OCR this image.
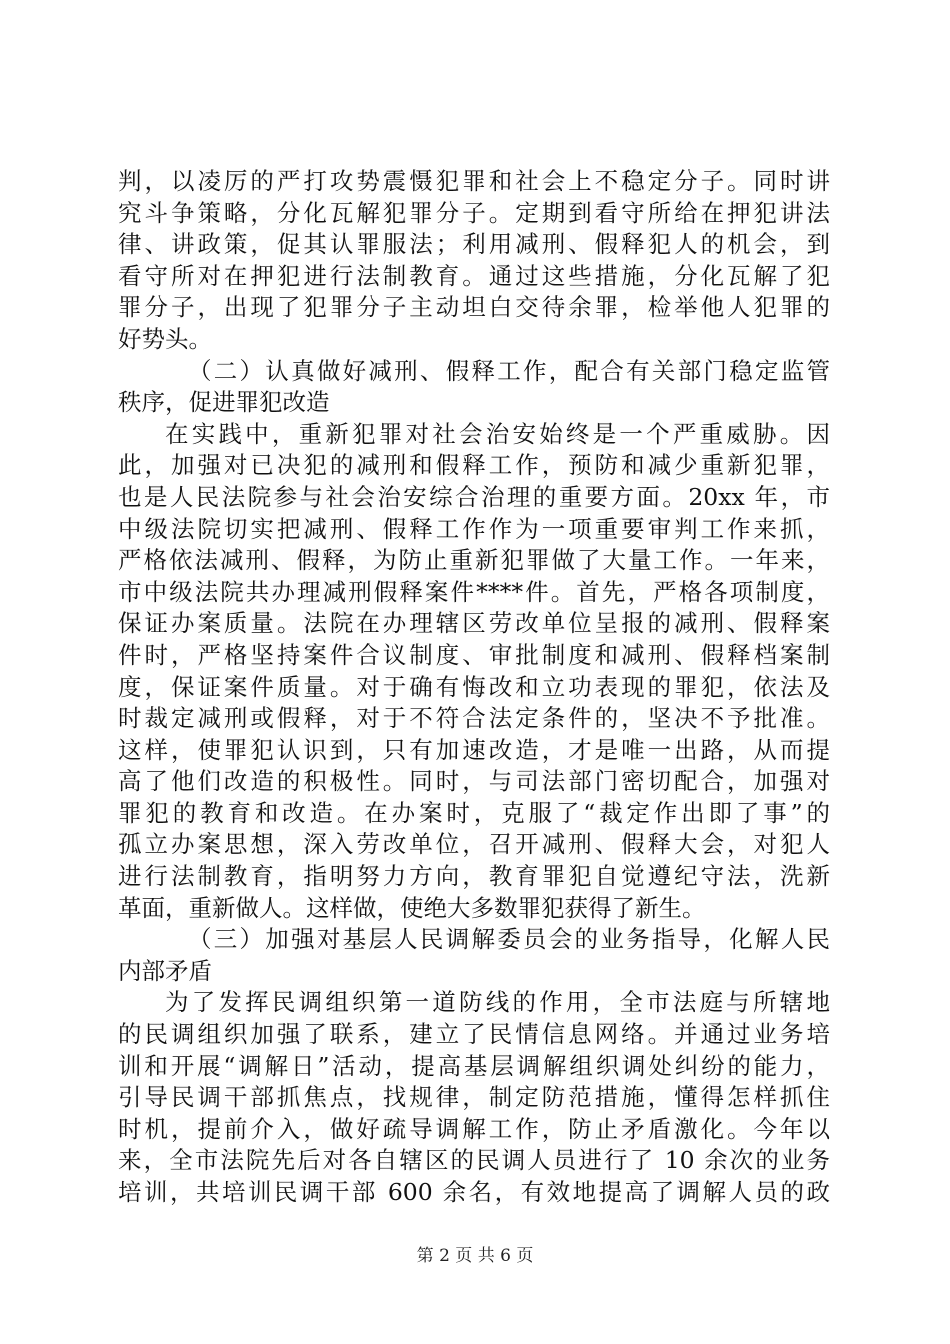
判，以凌厉的严打攻势震慑犯罪和社会上不稳定分子。同时讲
究斗争策略，分化瓦解犯罪分子。定期到看守所给在押犯讲法
律、讲政策，促其认罪服法；利用减刑、假释犯人的机会，到
看守所对在押犯进行法制教育。通过这些措施，分化瓦解了犯
罪分子，出现了犯罪分子主动坦白交待余罪，检举他人犯罪的
好势头。
（二）认真做好减刑、假释工作，配合有关部门稳定监管
秩序，促进罪犯改造
在实践中，重新犯罪对社会治安始终是一个严重威胁。因
此，加强对已决犯的减刑和假释工作，预防和减少重新犯罪，
也是人民法院参与社会治安综合治理的重要方面。20xx 年，市
中级法院切实把减刑、假释工作作为一项重要审判工作来抓，
严格依法减刑、假释，为防止重新犯罪做了大量工作。一年来，
市中级法院共办理减刑假释案件****件。首先，严格各项制度，
保证办案质量。法院在办理辖区劳改单位呈报的减刑、假释案
件时，严格坚持案件合议制度、审批制度和减刑、假释档案制
度，保证案件质量。对于确有悔改和立功表现的罪犯，依法及
时裁定减刑或假释，对于不符合法定条件的，坚决不予批准。
这样，使罪犯认识到，只有加速改造，才是唯一出路，从而提
高了他们改造的积极性。同时，与司法部门密切配合，加强对
罪犯的教育和改造。在办案时，克服了“裁定作出即了事”的
孤立办案思想，深入劳改单位，召开减刑、假释大会，对犯人
进行法制教育，指明努力方向，教育罪犯自觉遵纪守法，洗新
革面，重新做人。这样做，使绝大多数罪犯获得了新生。
（三）加强对基层人民调解委员会的业务指导，化解人民
内部矛盾
为了发挥民调组织第一道防线的作用，全市法庭与所辖地
的民调组织加强了联系，建立了民情信息网络。并通过业务培
训和开展“调解日”活动，提高基层调解组织调处纠纷的能力，
引导民调干部抓焦点，找规律，制定防范措施，懂得怎样抓住
时机，提前介入，做好疏导调解工作，防止矛盾激化。今年以
来，全市法院先后对各自辖区的民调人员进行了 10 余次的业务
培训，共培训民调干部 600 余名，有效地提高了调解人员的政
第 2 页 共 6 页
